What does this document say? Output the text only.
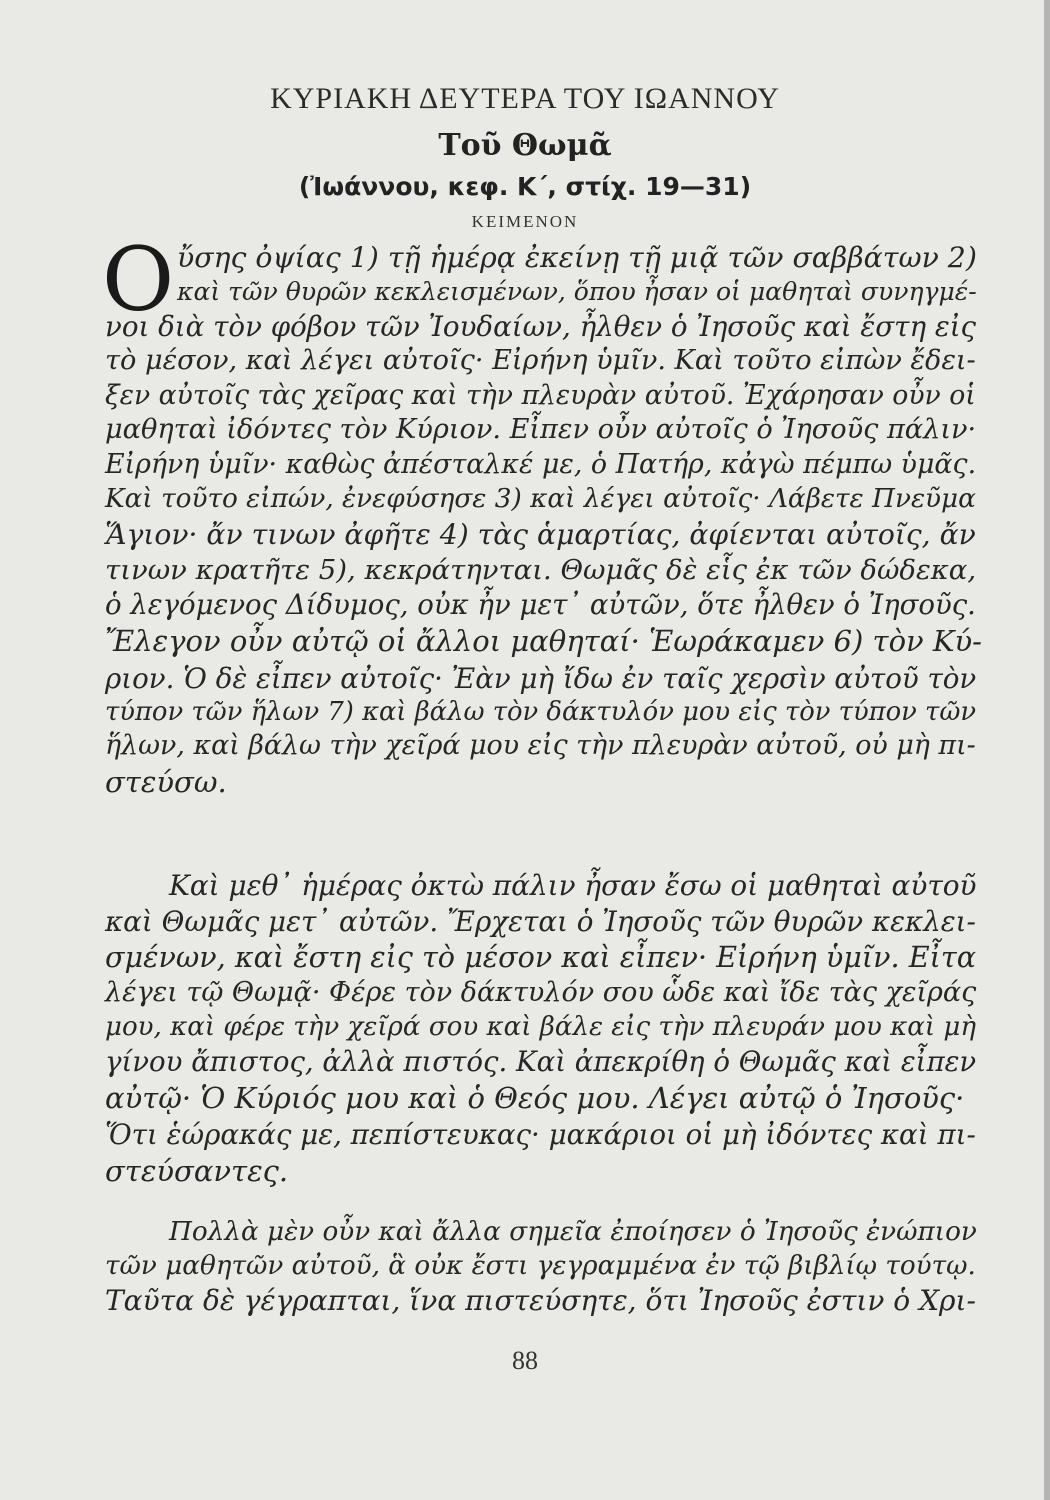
ΚΥΡΙΑΚΗ ΔΕΥΤΕΡΑ ΤΟΥ ΙΩΑΝΝΟΥ
Τοῦ Θωμᾶ
(Ἰωάννου, κεφ. Κ΄, στίχ. 19—31)
ΚΕΙΜΕΝΟΝ
O ὔσης ὀψίας 1) τῇ ἡμέρᾳ ἐκείνῃ τῇ μιᾷ τῶν σαββάτων 2)
καὶ τῶν θυρῶν κεκλεισμένων, ὅπου ἦσαν οἱ μαθηταὶ συνηγμέ-
νοι διὰ τὸν φόβον τῶν Ἰουδαίων, ἦλθεν ὁ Ἰησοῦς καὶ ἔστη εἰς
τὸ μέσον, καὶ λέγει αὐτοῖς· Εἰρήνη ὑμῖν. Καὶ τοῦτο εἰπὼν ἔδει-
ξεν αὐτοῖς τὰς χεῖρας καὶ τὴν πλευρὰν αὐτοῦ. Ἐχάρησαν οὖν οἱ
μαθηταὶ ἰδόντες τὸν Κύριον. Εἶπεν οὖν αὐτοῖς ὁ Ἰησοῦς πάλιν·
Εἰρήνη ὑμῖν· καθὼς ἀπέσταλκέ με, ὁ Πατήρ, κἀγὼ πέμπω ὑμᾶς.
Καὶ τοῦτο εἰπών, ἐνεφύσησε 3) καὶ λέγει αὐτοῖς· Λάβετε Πνεῦμα
Ἅγιον· ἄν τινων ἀφῆτε 4) τὰς ἁμαρτίας, ἀφίενται αὐτοῖς, ἄν
τινων κρατῆτε 5), κεκράτηνται. Θωμᾶς δὲ εἷς ἐκ τῶν δώδεκα,
ὁ λεγόμενος Δίδυμος, οὐκ ἦν μετ᾽ αὐτῶν, ὅτε ἦλθεν ὁ Ἰησοῦς.
Ἔλεγον οὖν αὐτῷ οἱ ἄλλοι μαθηταί· Ἑωράκαμεν 6) τὸν Κύ-
ριον. Ὁ δὲ εἶπεν αὐτοῖς· Ἐὰν μὴ ἴδω ἐν ταῖς χερσὶν αὐτοῦ τὸν
τύπον τῶν ἥλων 7) καὶ βάλω τὸν δάκτυλόν μου εἰς τὸν τύπον τῶν
ἥλων, καὶ βάλω τὴν χεῖρά μου εἰς τὴν πλευρὰν αὐτοῦ, οὐ μὴ πι-
στεύσω.
Καὶ μεθ᾽ ἡμέρας ὀκτὼ πάλιν ἦσαν ἔσω οἱ μαθηταὶ αὐτοῦ
καὶ Θωμᾶς μετ᾽ αὐτῶν. Ἔρχεται ὁ Ἰησοῦς τῶν θυρῶν κεκλει-
σμένων, καὶ ἔστη εἰς τὸ μέσον καὶ εἶπεν· Εἰρήνη ὑμῖν. Εἶτα
λέγει τῷ Θωμᾷ· Φέρε τὸν δάκτυλόν σου ὧδε καὶ ἴδε τὰς χεῖράς
μου, καὶ φέρε τὴν χεῖρά σου καὶ βάλε εἰς τὴν πλευράν μου καὶ μὴ
γίνου ἄπιστος, ἀλλὰ πιστός. Καὶ ἀπεκρίθη ὁ Θωμᾶς καὶ εἶπεν
αὐτῷ· Ὁ Κύριός μου καὶ ὁ Θεός μου. Λέγει αὐτῷ ὁ Ἰησοῦς·
Ὅτι ἑώρακάς με, πεπίστευκας· μακάριοι οἱ μὴ ἰδόντες καὶ πι-
στεύσαντες.
Πολλὰ μὲν οὖν καὶ ἄλλα σημεῖα ἐποίησεν ὁ Ἰησοῦς ἐνώπιον
τῶν μαθητῶν αὐτοῦ, ἃ οὐκ ἔστι γεγραμμένα ἐν τῷ βιβλίῳ τούτῳ.
Ταῦτα δὲ γέγραπται, ἵνα πιστεύσητε, ὅτι Ἰησοῦς ἐστιν ὁ Χρι-
88
